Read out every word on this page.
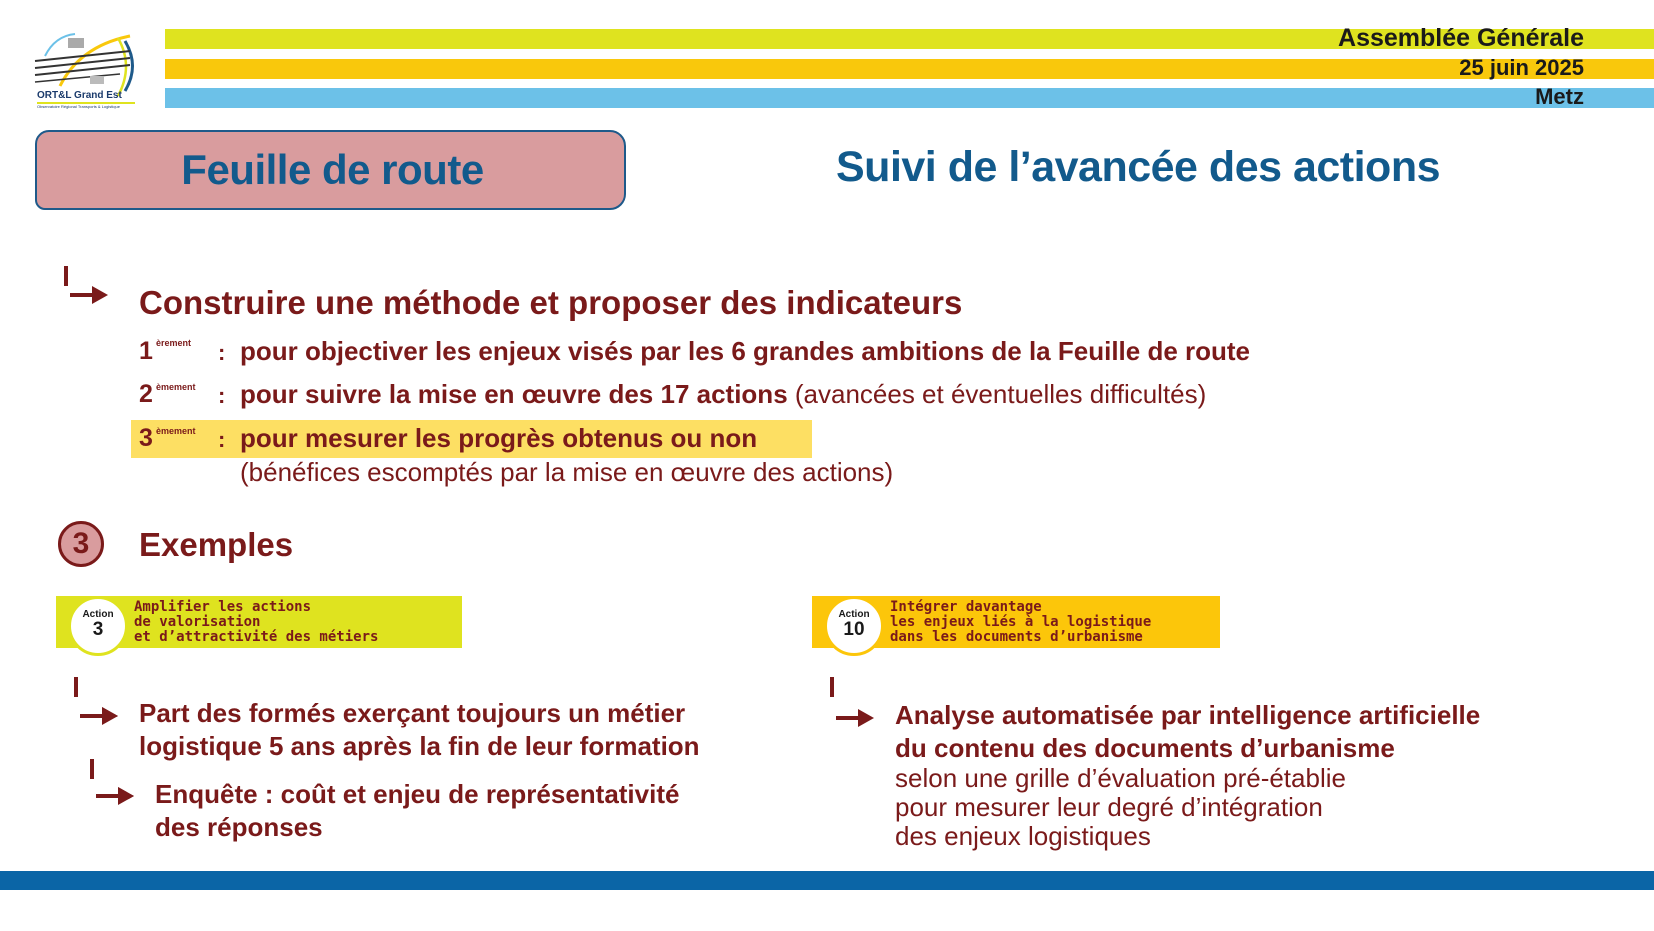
Assemblée Générale
25 juin 2025
Metz
ORT&L Grand Est
Observatoire Régional Transports & Logistique
Feuille de route	Suivi de l’avancée des actions
Construire une méthode et proposer des indicateurs
1 èrement : pour objectiver les enjeux visés par les 6 grandes ambitions de la Feuille de route
2 èmement : pour suivre la mise en œuvre des 17 actions (avancées et éventuelles difficultés)
3 èmement : pour mesurer les progrès obtenus ou non
(bénéfices escomptés par la mise en œuvre des actions)
3	Exemples
Action
3
Amplifier les actions
de valorisation
et d’attractivité des métiers
Action
10
Intégrer davantage
les enjeux liés à la logistique
dans les documents d’urbanisme
Part des formés exerçant toujours un métier
logistique 5 ans après la fin de leur formation
Enquête : coût et enjeu de représentativité
des réponses
Analyse automatisée par intelligence artificielle
du contenu des documents d’urbanisme
selon une grille d’évaluation pré-établie
pour mesurer leur degré d’intégration
des enjeux logistiques
